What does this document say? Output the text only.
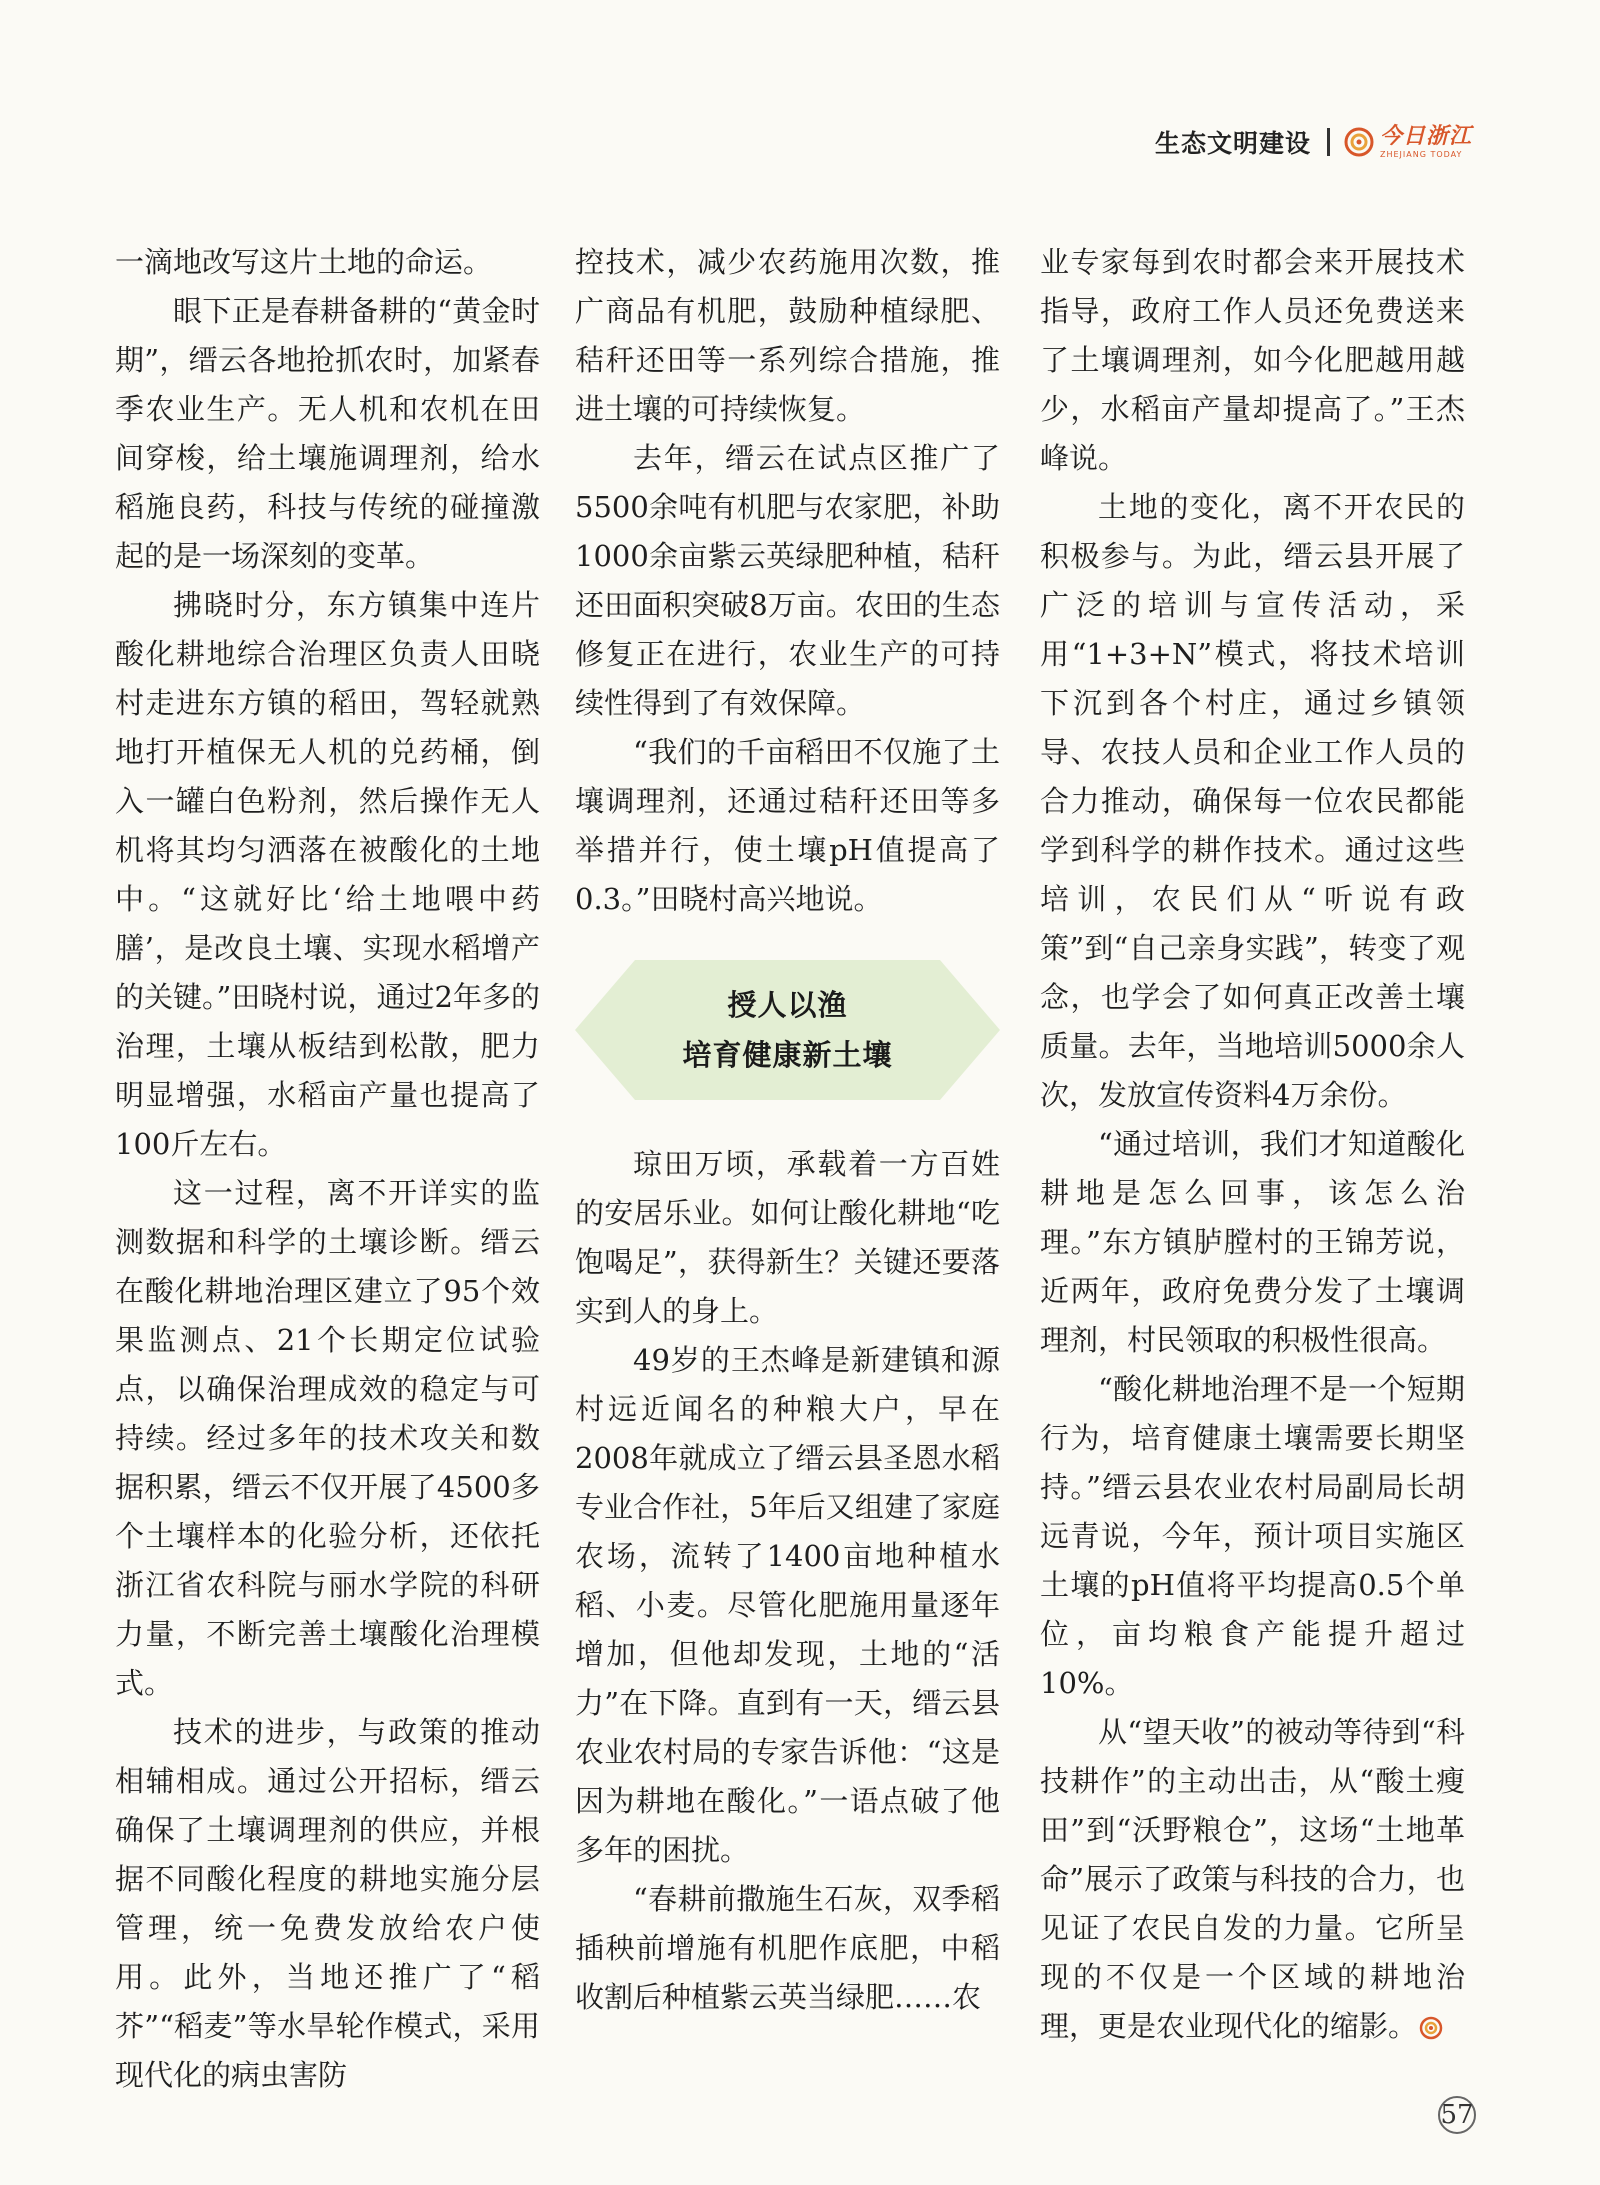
生态文明建设	今日浙江
ZHEJIANG TODAY

一滴地改写这片土地的命运。

眼下正是春耕备耕的“黄金时期”，缙云各地抢抓农时，加紧春季农业生产。无人机和农机在田间穿梭，给土壤施调理剂，给水稻施良药，科技与传统的碰撞激起的是一场深刻的变革。

拂晓时分，东方镇集中连片酸化耕地综合治理区负责人田晓村走进东方镇的稻田，驾轻就熟地打开植保无人机的兑药桶，倒入一罐白色粉剂，然后操作无人机将其均匀洒落在被酸化的土地中。“这就好比‘给土地喂中药膳’，是改良土壤、实现水稻增产的关键。”田晓村说，通过2年多的治理，土壤从板结到松散，肥力明显增强，水稻亩产量也提高了100斤左右。

这一过程，离不开详实的监测数据和科学的土壤诊断。缙云在酸化耕地治理区建立了95个效果监测点、21个长期定位试验点，以确保治理成效的稳定与可持续。经过多年的技术攻关和数据积累，缙云不仅开展了4500多个土壤样本的化验分析，还依托浙江省农科院与丽水学院的科研力量，不断完善土壤酸化治理模式。

技术的进步，与政策的推动相辅相成。通过公开招标，缙云确保了土壤调理剂的供应，并根据不同酸化程度的耕地实施分层管理，统一免费发放给农户使用。此外，当地还推广了“稻芥”“稻麦”等水旱轮作模式，采用现代化的病虫害防

控技术，减少农药施用次数，推广商品有机肥，鼓励种植绿肥、秸秆还田等一系列综合措施，推进土壤的可持续恢复。

去年，缙云在试点区推广了5500余吨有机肥与农家肥，补助1000余亩紫云英绿肥种植，秸秆还田面积突破8万亩。农田的生态修复正在进行，农业生产的可持续性得到了有效保障。

“我们的千亩稻田不仅施了土壤调理剂，还通过秸秆还田等多举措并行，使土壤pH值提高了0.3。”田晓村高兴地说。

授人以渔
培育健康新土壤

琼田万顷，承载着一方百姓的安居乐业。如何让酸化耕地“吃饱喝足”，获得新生？关键还要落实到人的身上。

49岁的王杰峰是新建镇和源村远近闻名的种粮大户，早在2008年就成立了缙云县圣恩水稻专业合作社，5年后又组建了家庭农场，流转了1400亩地种植水稻、小麦。尽管化肥施用量逐年增加，但他却发现，土地的“活力”在下降。直到有一天，缙云县农业农村局的专家告诉他：“这是因为耕地在酸化。”一语点破了他多年的困扰。

“春耕前撒施生石灰，双季稻插秧前增施有机肥作底肥，中稻收割后种植紫云英当绿肥……农

业专家每到农时都会来开展技术指导，政府工作人员还免费送来了土壤调理剂，如今化肥越用越少，水稻亩产量却提高了。”王杰峰说。

土地的变化，离不开农民的积极参与。为此，缙云县开展了广泛的培训与宣传活动，采用“1+3+N”模式，将技术培训下沉到各个村庄，通过乡镇领导、农技人员和企业工作人员的合力推动，确保每一位农民都能学到科学的耕作技术。通过这些培训，农民们从“听说有政策”到“自己亲身实践”，转变了观念，也学会了如何真正改善土壤质量。去年，当地培训5000余人次，发放宣传资料4万余份。

“通过培训，我们才知道酸化耕地是怎么回事，该怎么治理。”东方镇胪膛村的王锦芳说，近两年，政府免费分发了土壤调理剂，村民领取的积极性很高。

“酸化耕地治理不是一个短期行为，培育健康土壤需要长期坚持。”缙云县农业农村局副局长胡远青说，今年，预计项目实施区土壤的pH值将平均提高0.5个单位，亩均粮食产能提升超过10%。

从“望天收”的被动等待到“科技耕作”的主动出击，从“酸土瘦田”到“沃野粮仓”，这场“土地革命”展示了政策与科技的合力，也见证了农民自发的力量。它所呈现的不仅是一个区域的耕地治理，更是农业现代化的缩影。

57
